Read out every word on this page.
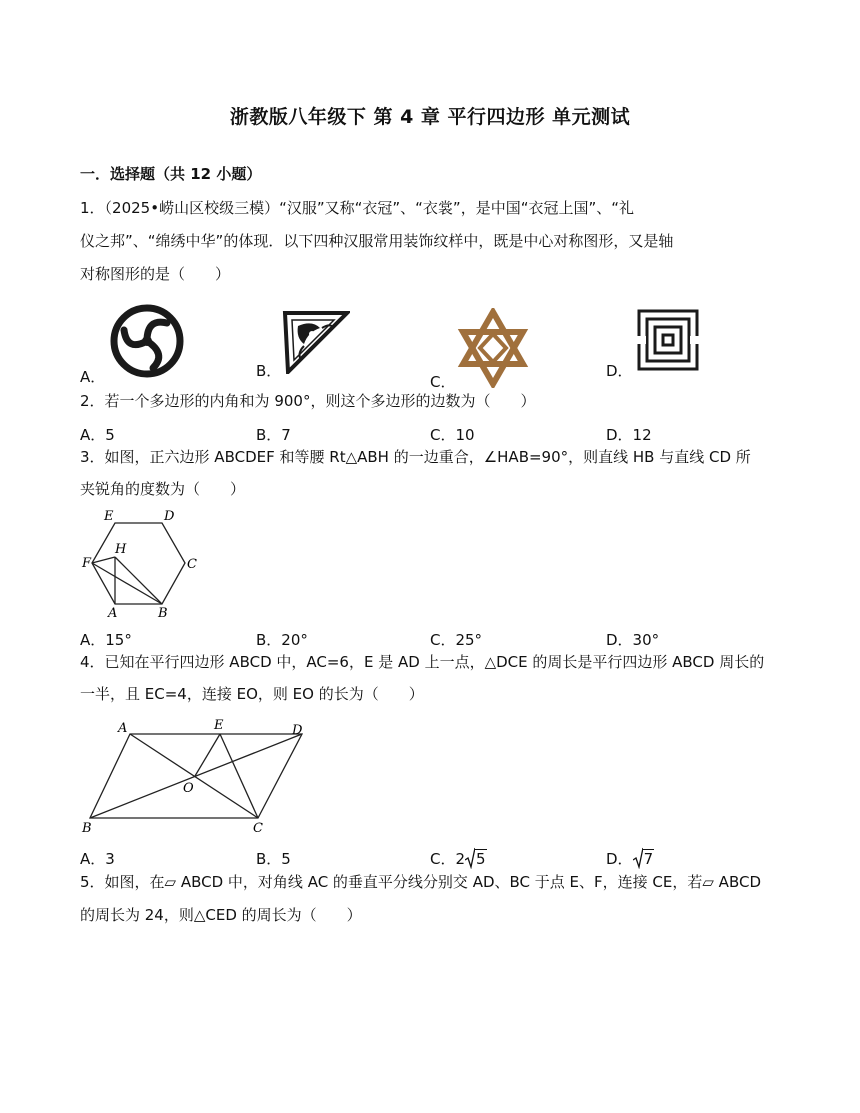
浙教版八年级下 第 4 章 平行四边形 单元测试
一．选择题（共 12 小题）
1．（2025•崂山区校级三模）“汉服”又称“衣冠”、“衣裳”，是中国“衣冠上国”、“礼
仪之邦”、“绵绣中华”的体现．以下四种汉服常用装饰纹样中，既是中心对称图形，又是轴
对称图形的是（　　）
A．	B．
C．
D．
2．若一个多边形的内角和为 900°，则这个多边形的边数为（　　）
A．5	B．7	C．10	D．12
3．如图，正六边形 ABCDEF 和等腰 Rt△ABH 的一边重合，∠HAB=90°，则直线 HB 与直线 CD 所
夹锐角的度数为（　　）
E	D
F
H
C
A	B
A．15°	B．20°	C．25°	D．30°
4．已知在平行四边形 ABCD 中，AC=6，E 是 AD 上一点，△DCE 的周长是平行四边形 ABCD 周长的
一半，且 EC=4，连接 EO，则 EO 的长为（　　）
A	E	D
O
B	C
A．3	B．5	C．2 5	D． 7
5．如图，在▱ ABCD 中，对角线 AC 的垂直平分线分别交 AD、BC 于点 E、F，连接 CE，若▱ ABCD
的周长为 24，则△CED 的周长为（　　）
